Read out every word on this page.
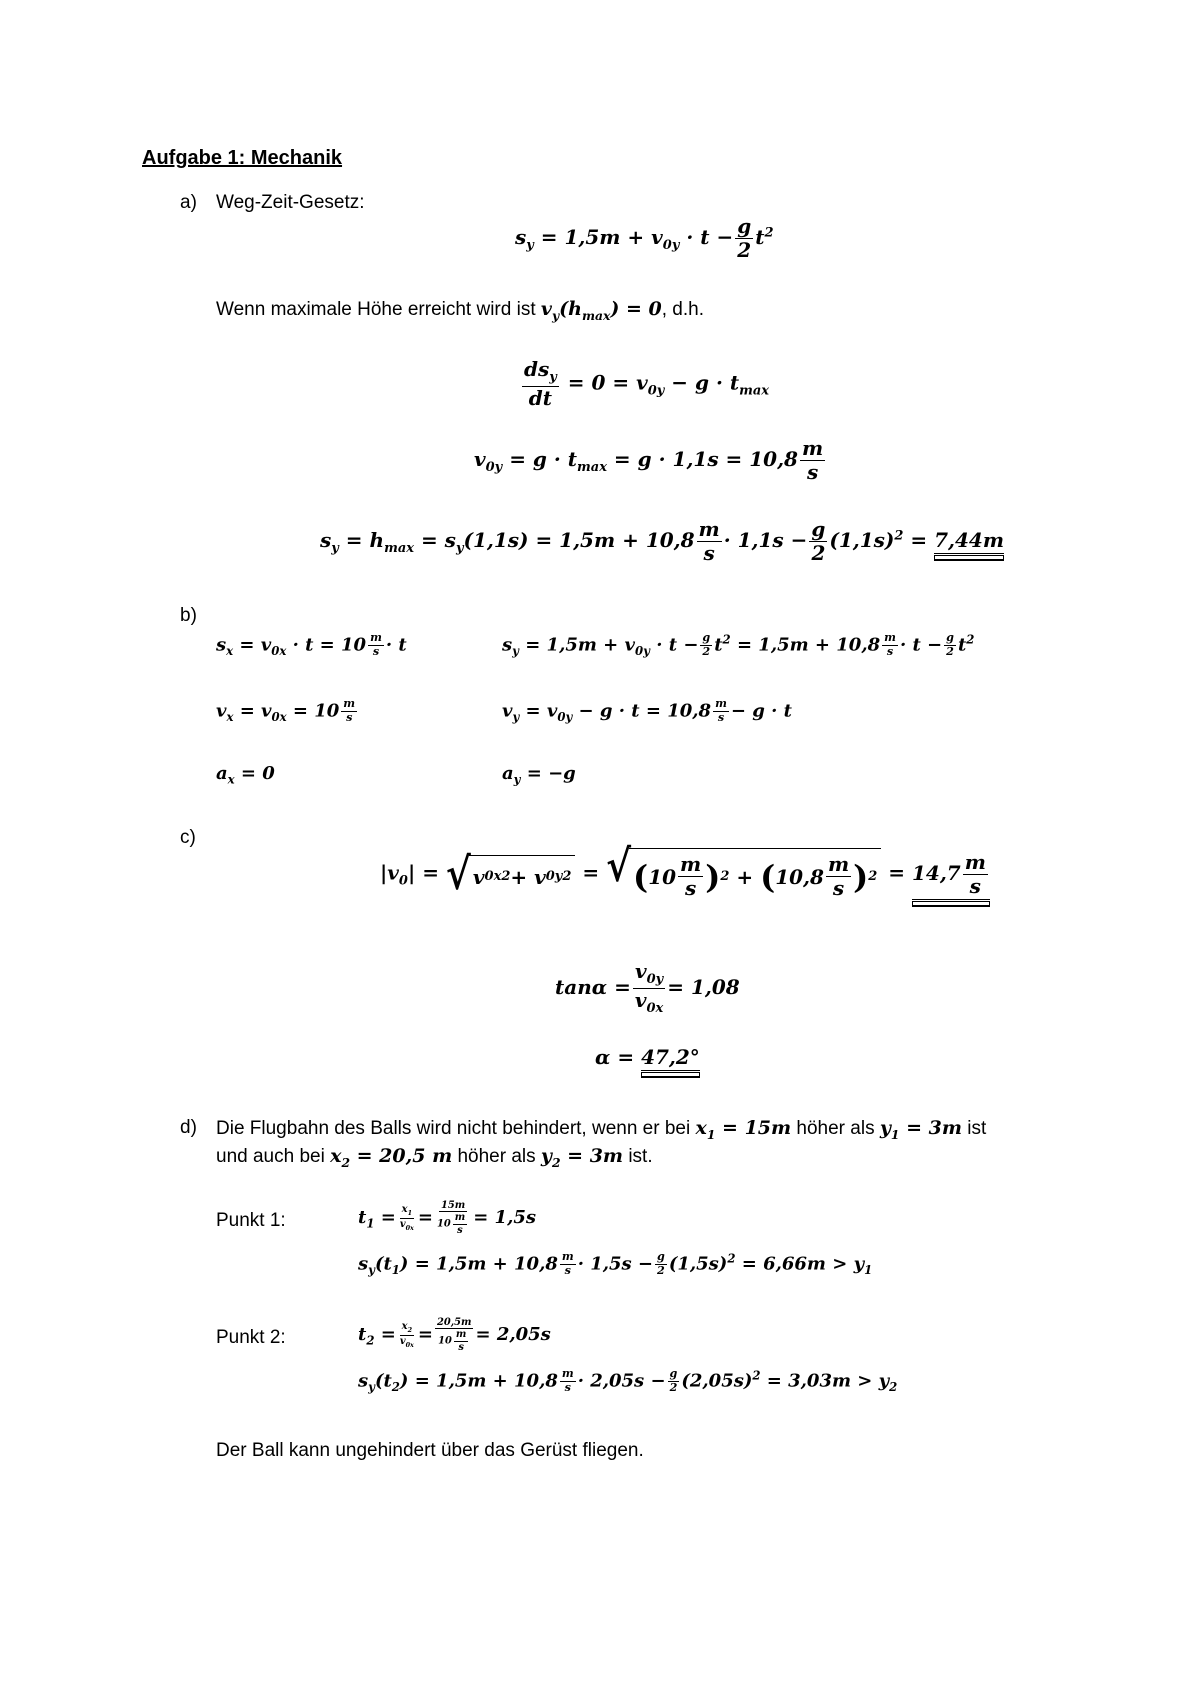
Aufgabe 1: Mechanik
a) Weg-Zeit-Gesetz:
$s_y = 1,5m + v_{0y} \cdot t - \frac{g}{2} t^2$
Wenn maximale Höhe erreicht wird ist $v_y(h_{max}) = 0$, d.h.
$\frac{ds_y}{dt} = 0 = v_{0y} - g \cdot t_{max}$
$v_{0y} = g \cdot t_{max} = g \cdot 1,1s = 10,8 \frac{m}{s}$
$s_y = h_{max} = s_y(1,1s) = 1,5m + 10,8 \frac{m}{s} \cdot 1,1s - \frac{g}{2} (1,1s)^2 = 7,44m$
b)
$s_x = v_{0x} \cdot t = 10 \frac{m}{s} \cdot t$	$s_y = 1,5m + v_{0y} \cdot t - \frac{g}{2} t^2 = 1,5m + 10,8 \frac{m}{s} \cdot t - \frac{g}{2} t^2$
$v_x = v_{0x} = 10 \frac{m}{s}$	$v_y = v_{0y} - g \cdot t = 10,8 \frac{m}{s} - g \cdot t$
$a_x = 0$	$a_y = -g$
c)
$|v_0|$ = √ v 0x 2 + v 0y 2 = √ ( $10 \frac{m}{s}$ ) 2 + ( $10,8 \frac{m}{s}$ ) $2 = 14,7 \frac{m}{s}$
$\tan\alpha = \frac{v_{0y}}{v_{0x}} = 1,08$
α = 47,2°
d) Die Flugbahn des Balls wird nicht behindert, wenn er bei $x_1 = 15m$ höher als $y_1 = 3m$ ist
und auch bei $x_2 = 20,5$ m höher als $y_2 = 3m$ ist.
Punkt 1:	$t_1 = \frac{x_1}{v_{0x}} = \frac{15m}{10 \frac{m}{s}} = 1,5s$
$s_y(t_1) = 1,5m + 10,8 \frac{m}{s} \cdot 1,5s - \frac{g}{2} (1,5s)^2 = 6,66m > y_1$
Punkt 2:	$t_2 = \frac{x_2}{v_{0x}} = \frac{20,5m}{10 \frac{m}{s}} = 2,05s$
$s_y(t_2) = 1,5m + 10,8 \frac{m}{s} \cdot 2,05s - \frac{g}{2} (2,05s)^2 = 3,03m > y_2$
Der Ball kann ungehindert über das Gerüst fliegen.
